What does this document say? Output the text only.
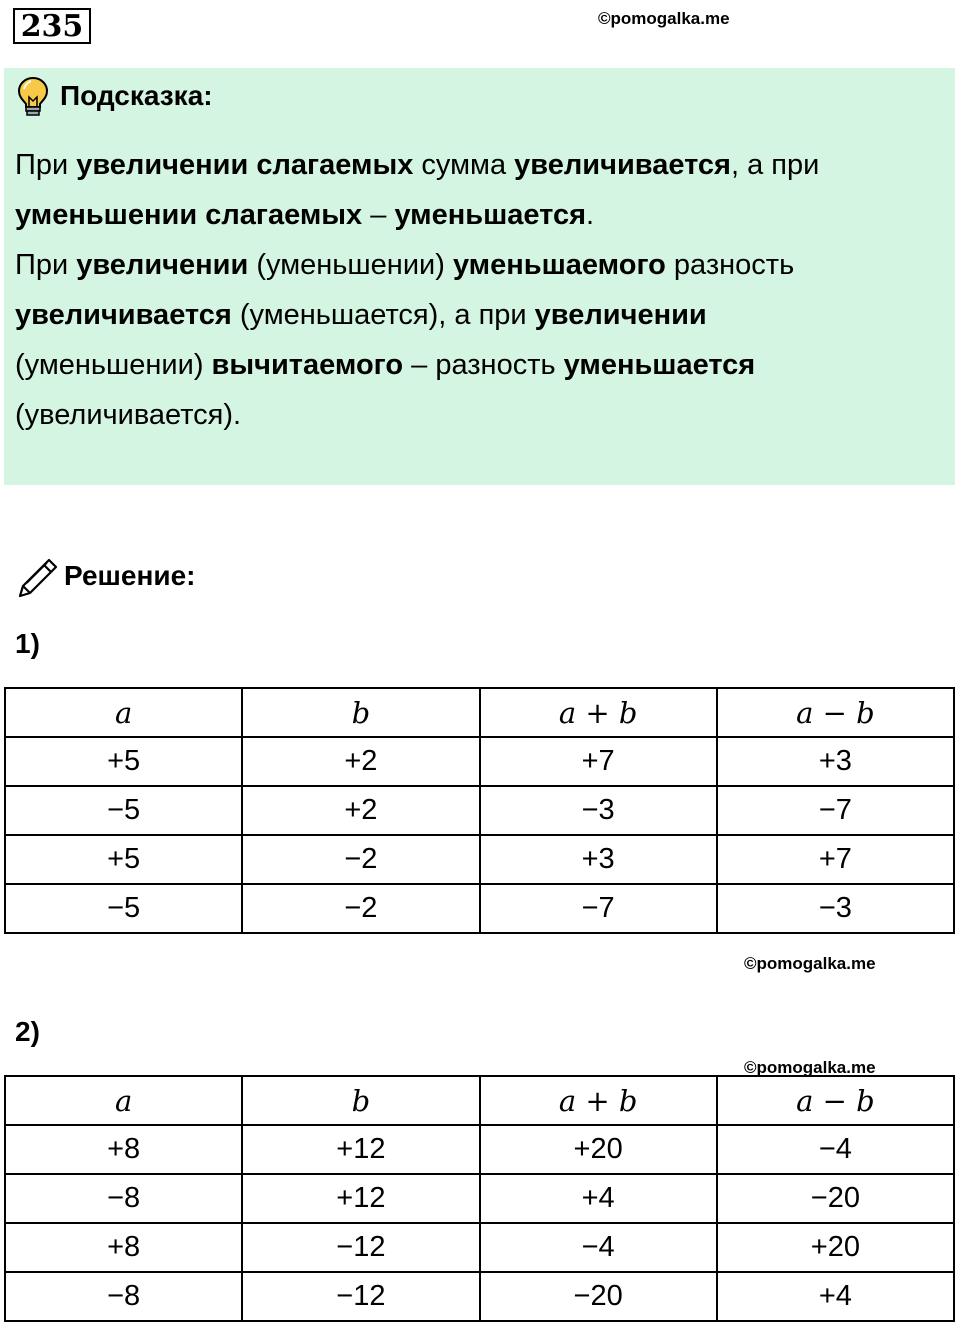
235	©pomogalka.me
Подсказка:
При увеличении слагаемых сумма увеличивается, а при
уменьшении слагаемых – уменьшается.
При увеличении (уменьшении) уменьшаемого разность
увеличивается (уменьшается), а при увеличении
(уменьшении) вычитаемого – разность уменьшается
(увеличивается).
Решение:
1)
a	b	a + b	a − b
+5	+2	+7	+3
−5	+2	−3	−7
+5	−2	+3	+7
−5	−2	−7	−3
©pomogalka.me
2)
©pomogalka.me
a	b	a + b	a − b
+8	+12	+20	−4
−8	+12	+4	−20
+8	−12	−4	+20
−8	−12	−20	+4
